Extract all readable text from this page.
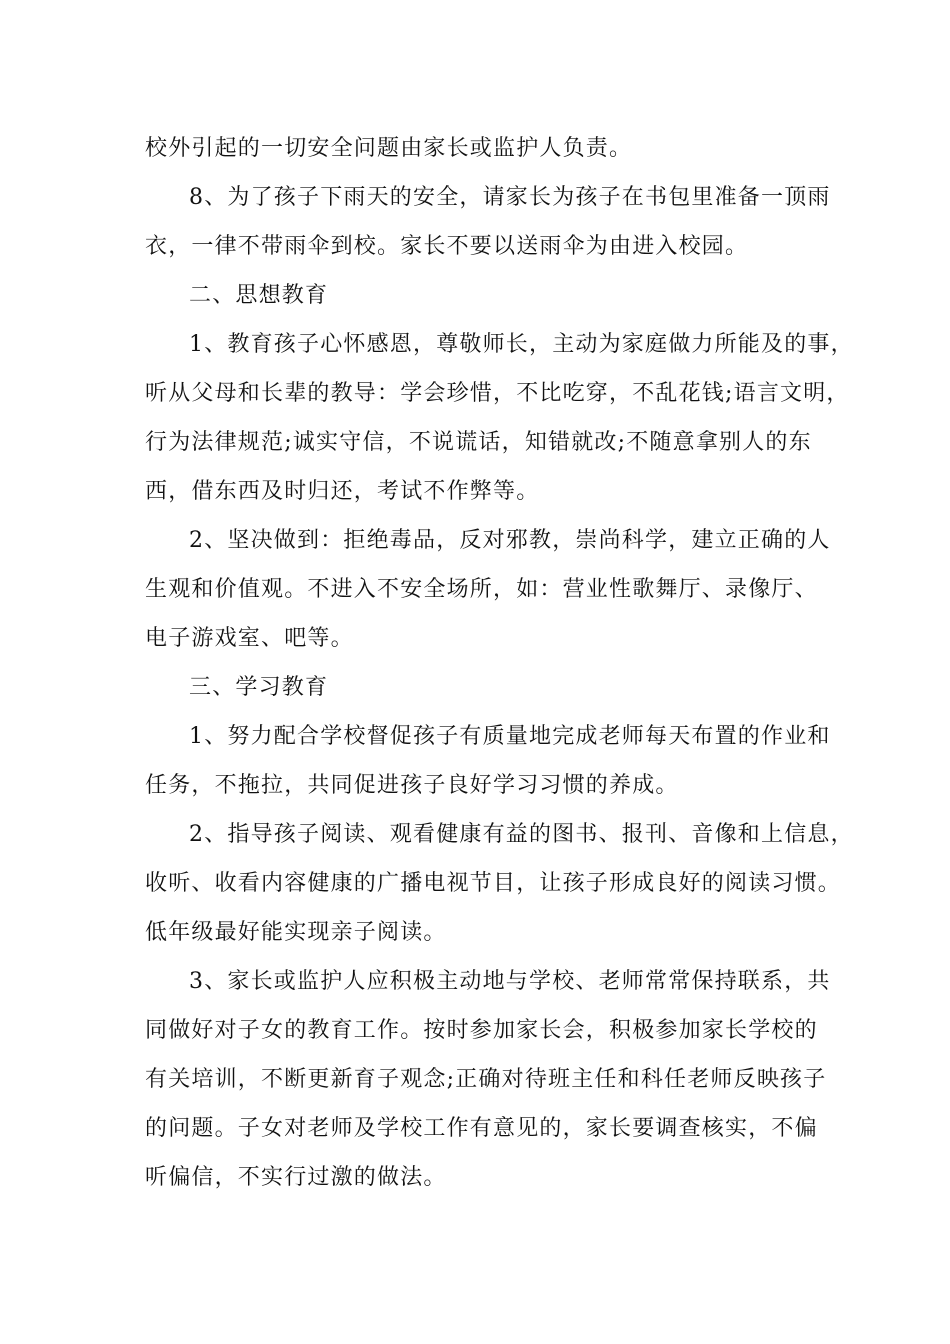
校外引起的一切安全问题由家长或监护人负责。
8、为了孩子下雨天的安全，请家长为孩子在书包里准备一顶雨
衣，一律不带雨伞到校。家长不要以送雨伞为由进入校园。
二、思想教育
1、教育孩子心怀感恩，尊敬师长，主动为家庭做力所能及的事，
听从父母和长辈的教导：学会珍惜，不比吃穿，不乱花钱;语言文明，
行为法律规范;诚实守信，不说谎话，知错就改;不随意拿别人的东
西，借东西及时归还，考试不作弊等。
2、坚决做到：拒绝毒品，反对邪教，崇尚科学，建立正确的人
生观和价值观。不进入不安全场所，如：营业性歌舞厅、录像厅、
电子游戏室、吧等。
三、学习教育
1、努力配合学校督促孩子有质量地完成老师每天布置的作业和
任务，不拖拉，共同促进孩子良好学习习惯的养成。
2、指导孩子阅读、观看健康有益的图书、报刊、音像和上信息，
收听、收看内容健康的广播电视节目，让孩子形成良好的阅读习惯。
低年级最好能实现亲子阅读。
3、家长或监护人应积极主动地与学校、老师常常保持联系，共
同做好对子女的教育工作。按时参加家长会，积极参加家长学校的
有关培训，不断更新育子观念;正确对待班主任和科任老师反映孩子
的问题。子女对老师及学校工作有意见的，家长要调查核实，不偏
听偏信，不实行过激的做法。
